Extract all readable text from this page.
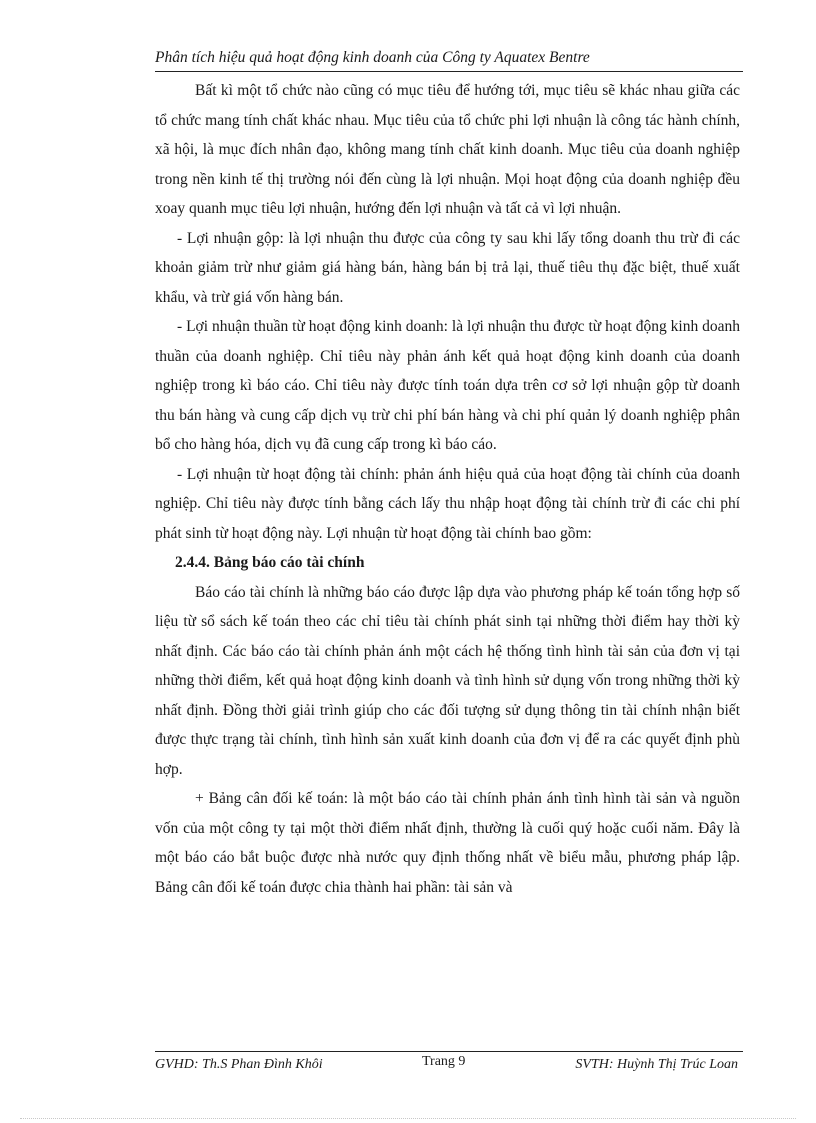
Phân tích hiệu quả hoạt động kinh doanh của Công ty Aquatex Bentre

Bất kì một tổ chức nào cũng có mục tiêu để hướng tới, mục tiêu sẽ khác nhau giữa các tổ chức mang tính chất khác nhau. Mục tiêu của tổ chức phi lợi nhuận là công tác hành chính, xã hội, là mục đích nhân đạo, không mang tính chất kinh doanh. Mục tiêu của doanh nghiệp trong nền kinh tế thị trường nói đến cùng là lợi nhuận. Mọi hoạt động của doanh nghiệp đều xoay quanh mục tiêu lợi nhuận, hướng đến lợi nhuận và tất cả vì lợi nhuận.

- Lợi nhuận gộp: là lợi nhuận thu được của công ty sau khi lấy tổng doanh thu trừ đi các khoản giảm trừ như giảm giá hàng bán, hàng bán bị trả lại, thuế tiêu thụ đặc biệt, thuế xuất khẩu, và trừ giá vốn hàng bán.

- Lợi nhuận thuần từ hoạt động kinh doanh: là lợi nhuận thu được từ hoạt động kinh doanh thuần của doanh nghiệp. Chỉ tiêu này phản ánh kết quả hoạt động kinh doanh của doanh nghiệp trong kì báo cáo. Chỉ tiêu này được tính toán dựa trên cơ sở lợi nhuận gộp từ doanh thu bán hàng và cung cấp dịch vụ trừ chi phí bán hàng và chi phí quản lý doanh nghiệp phân bổ cho hàng hóa, dịch vụ đã cung cấp trong kì báo cáo.

- Lợi nhuận từ hoạt động tài chính: phản ánh hiệu quả của hoạt động tài chính của doanh nghiệp. Chỉ tiêu này được tính bằng cách lấy thu nhập hoạt động tài chính trừ đi các chi phí phát sinh từ hoạt động này. Lợi nhuận từ hoạt động tài chính bao gồm:

2.4.4. Bảng báo cáo tài chính

Báo cáo tài chính là những báo cáo được lập dựa vào phương pháp kế toán tổng hợp số liệu từ sổ sách kế toán theo các chỉ tiêu tài chính phát sinh tại những thời điểm hay thời kỳ nhất định. Các báo cáo tài chính phản ánh một cách hệ thống tình hình tài sản của đơn vị tại những thời điểm, kết quả hoạt động kinh doanh và tình hình sử dụng vốn trong những thời kỳ nhất định. Đồng thời giải trình giúp cho các đối tượng sử dụng thông tin tài chính nhận biết được thực trạng tài chính, tình hình sản xuất kinh doanh của đơn vị để ra các quyết định phù hợp.

+ Bảng cân đối kế toán: là một báo cáo tài chính phản ánh tình hình tài sản và nguồn vốn của một công ty tại một thời điểm nhất định, thường là cuối quý hoặc cuối năm. Đây là một báo cáo bắt buộc được nhà nước quy định thống nhất về biểu mẫu, phương pháp lập. Bảng cân đối kế toán được chia thành hai phần: tài sản và

GVHD: Th.S Phan Đình Khôi	Trang 9	SVTH: Huỳnh Thị Trúc Loan
